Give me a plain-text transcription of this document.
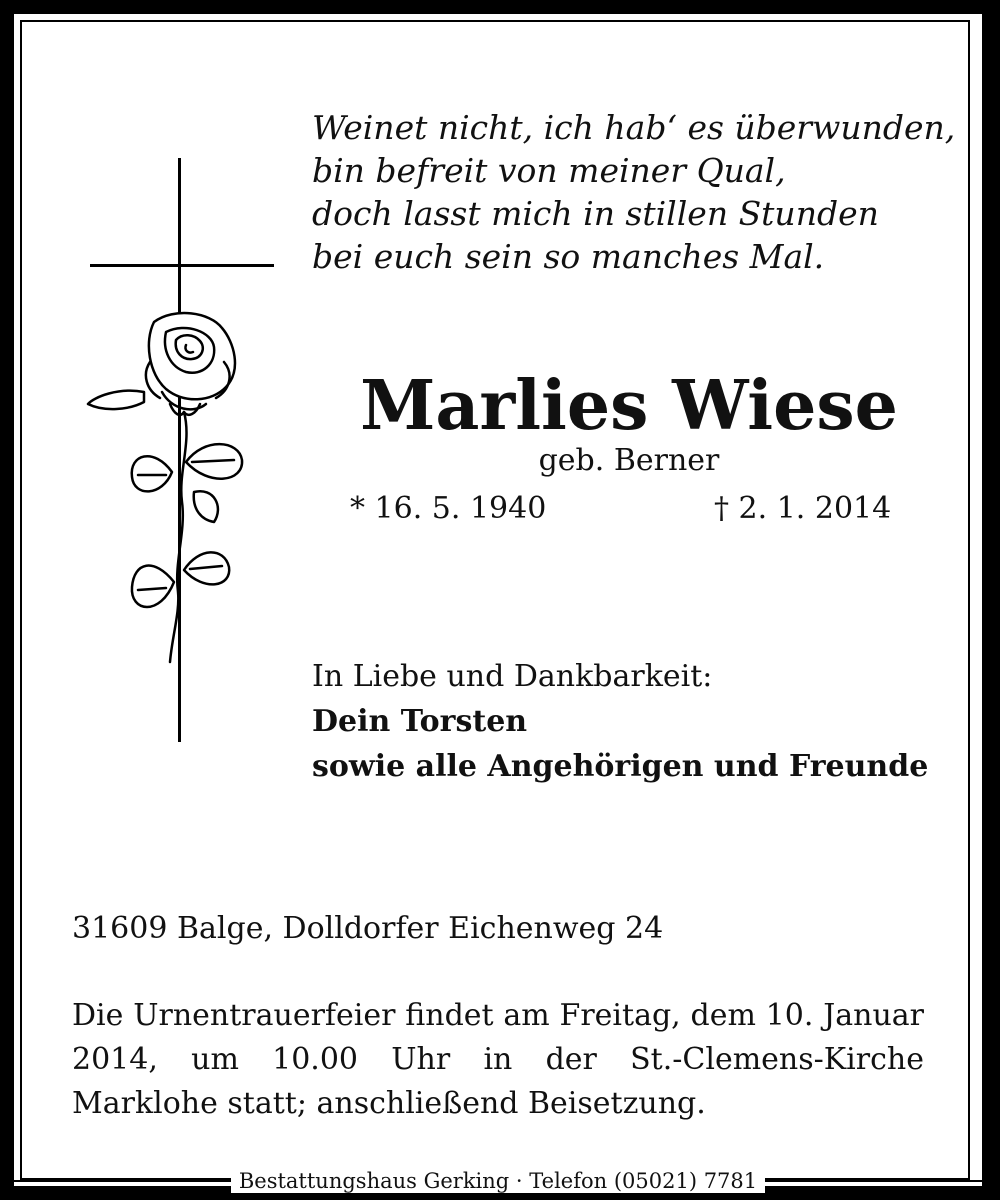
Weinet nicht, ich hab‘ es überwunden,
bin befreit von meiner Qual,
doch lasst mich in stillen Stunden
bei euch sein so manches Mal.
Marlies Wiese
geb. Berner
* 16. 5. 1940	† 2. 1. 2014
In Liebe und Dankbarkeit:
Dein Torsten
sowie alle Angehörigen und Freunde
31609 Balge, Dolldorfer Eichenweg 24
Die Urnentrauerfeier findet am Freitag, dem 10. Januar 2014, um 10.00 Uhr in der St.-Clemens-Kirche Marklohe statt; anschließend Beisetzung.
Bestattungshaus Gerking · Telefon (05021) 7781
